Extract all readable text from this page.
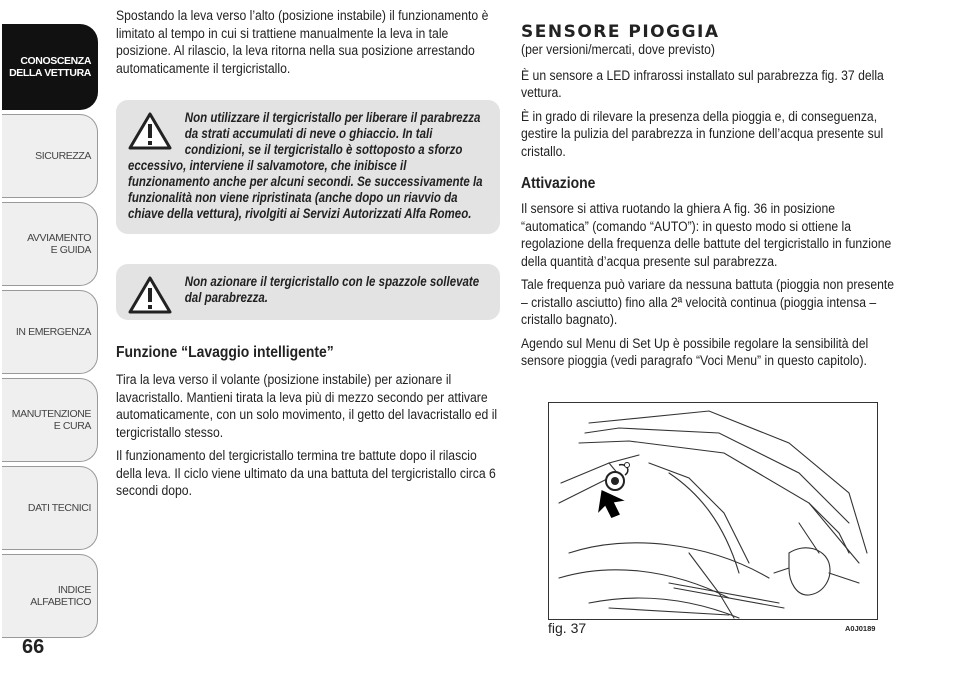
CONOSCENZA DELLA VETTURA
SICUREZZA
AVVIAMENTO E GUIDA
IN EMERGENZA
MANUTENZIONE E CURA
DATI TECNICI
INDICE ALFABETICO
66

Spostando la leva verso l’alto (posizione instabile) il funzionamento è limitato al tempo in cui si trattiene manualmente la leva in tale posizione. Al rilascio, la leva ritorna nella sua posizione arrestando automaticamente il tergicristallo.

Non utilizzare il tergicristallo per liberare il parabrezza da strati accumulati di neve o ghiaccio. In tali condizioni, se il tergicristallo è sottoposto a sforzo
eccessivo, interviene il salvamotore, che inibisce il funzionamento anche per alcuni secondi. Se successivamente la funzionalità non viene ripristinata (anche dopo un riavvio da chiave della vettura), rivolgiti ai Servizi Autorizzati Alfa Romeo.
Non azionare il tergicristallo con le spazzole sollevate dal parabrezza.
Funzione “Lavaggio intelligente”

Tira la leva verso il volante (posizione instabile) per azionare il lavacristallo. Mantieni tirata la leva più di mezzo secondo per attivare automaticamente, con un solo movimento, il getto del lavacristallo ed il tergicristallo stesso.

Il funzionamento del tergicristallo termina tre battute dopo il rilascio della leva. Il ciclo viene ultimato da una battuta del tergicristallo circa 6 secondi dopo.

SENSORE PIOGGIA

(per versioni/mercati, dove previsto)

È un sensore a LED infrarossi installato sul parabrezza fig. 37 della vettura.

È in grado di rilevare la presenza della pioggia e, di conseguenza, gestire la pulizia del parabrezza in funzione dell’acqua presente sul cristallo.

Attivazione

Il sensore si attiva ruotando la ghiera A fig. 36 in posizione “automatica” (comando “AUTO”): in questo modo si ottiene la regolazione della frequenza delle battute del tergicristallo in funzione della quantità d’acqua presente sul parabrezza.

Tale frequenza può variare da nessuna battuta (pioggia non presente – cristallo asciutto) fino alla 2ª velocità continua (pioggia intensa – cristallo bagnato).

Agendo sul Menu di Set Up è possibile regolare la sensibilità del sensore pioggia (vedi paragrafo “Voci Menu” in questo capitolo).

fig. 37	A0J0189
